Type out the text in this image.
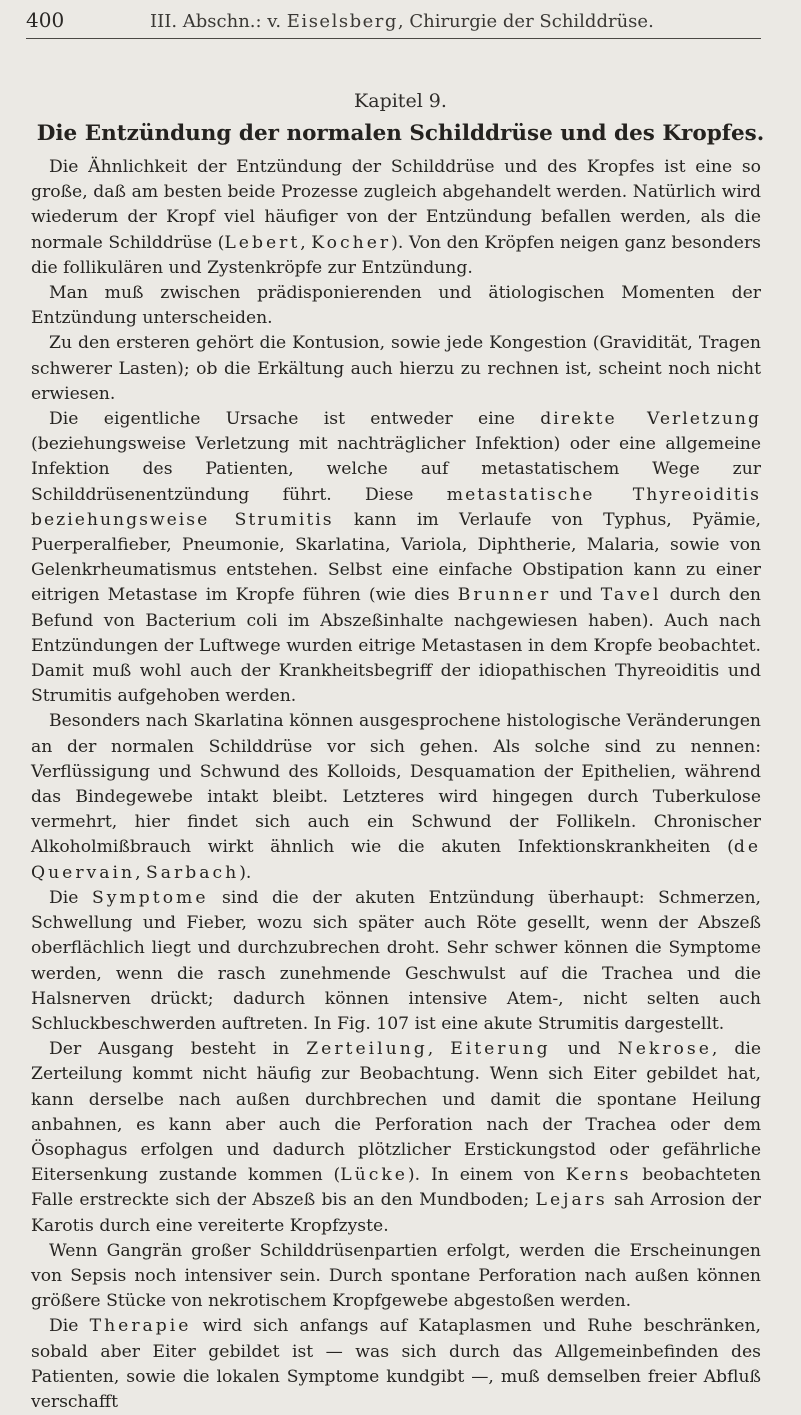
400	III. Abschn.: v. Eiselsberg, Chirurgie der Schilddrüse.
Kapitel 9.
Die Entzündung der normalen Schilddrüse und des Kropfes.

Die Ähnlichkeit der Entzündung der Schilddrüse und des Kropfes ist eine so große, daß am besten beide Prozesse zugleich abgehandelt werden. Natürlich wird wiederum der Kropf viel häufiger von der Entzündung befallen werden, als die normale Schilddrüse (Lebert, Kocher). Von den Kröpfen neigen ganz besonders die follikulären und Zystenkröpfe zur Entzündung.

Man muß zwischen prädisponierenden und ätiologischen Momenten der Entzündung unterscheiden.

Zu den ersteren gehört die Kontusion, sowie jede Kongestion (Gravidität, Tragen schwerer Lasten); ob die Erkältung auch hierzu zu rechnen ist, scheint noch nicht erwiesen.

Die eigentliche Ursache ist entweder eine direkte Verletzung (beziehungsweise Verletzung mit nachträglicher Infektion) oder eine allgemeine Infektion des Patienten, welche auf metastatischem Wege zur Schilddrüsenentzündung führt. Diese metastatische Thyreoiditis beziehungsweise Strumitis kann im Verlaufe von Typhus, Pyämie, Puerperalfieber, Pneumonie, Skarlatina, Variola, Diphtherie, Malaria, sowie von Gelenkrheumatismus entstehen. Selbst eine einfache Obstipation kann zu einer eitrigen Metastase im Kropfe führen (wie dies Brunner und Tavel durch den Befund von Bacterium coli im Abszeßinhalte nachgewiesen haben). Auch nach Entzündungen der Luftwege wurden eitrige Metastasen in dem Kropfe beobachtet. Damit muß wohl auch der Krankheitsbegriff der idiopathischen Thyreoiditis und Strumitis aufgehoben werden.

Besonders nach Skarlatina können ausgesprochene histologische Veränderungen an der normalen Schilddrüse vor sich gehen. Als solche sind zu nennen: Verflüssigung und Schwund des Kolloids, Desquamation der Epithelien, während das Bindegewebe intakt bleibt. Letzteres wird hingegen durch Tuberkulose vermehrt, hier findet sich auch ein Schwund der Follikeln. Chronischer Alkoholmißbrauch wirkt ähnlich wie die akuten Infektionskrankheiten (de Quervain, Sarbach).

Die Symptome sind die der akuten Entzündung überhaupt: Schmerzen, Schwellung und Fieber, wozu sich später auch Röte gesellt, wenn der Abszeß oberflächlich liegt und durchzubrechen droht. Sehr schwer können die Symptome werden, wenn die rasch zunehmende Geschwulst auf die Trachea und die Halsnerven drückt; dadurch können intensive Atem-, nicht selten auch Schluckbeschwerden auftreten. In Fig. 107 ist eine akute Strumitis dargestellt.

Der Ausgang besteht in Zerteilung, Eiterung und Nekrose, die Zerteilung kommt nicht häufig zur Beobachtung. Wenn sich Eiter gebildet hat, kann derselbe nach außen durchbrechen und damit die spontane Heilung anbahnen, es kann aber auch die Perforation nach der Trachea oder dem Ösophagus erfolgen und dadurch plötzlicher Erstickungstod oder gefährliche Eitersenkung zustande kommen (Lücke). In einem von Kerns beobachteten Falle erstreckte sich der Abszeß bis an den Mundboden; Lejars sah Arrosion der Karotis durch eine vereiterte Kropfzyste.

Wenn Gangrän großer Schilddrüsenpartien erfolgt, werden die Erscheinungen von Sepsis noch intensiver sein. Durch spontane Perforation nach außen können größere Stücke von nekrotischem Kropfgewebe abgestoßen werden.

Die Therapie wird sich anfangs auf Kataplasmen und Ruhe beschränken, sobald aber Eiter gebildet ist — was sich durch das Allgemeinbefinden des Patienten, sowie die lokalen Symptome kundgibt —, muß demselben freier Abfluß verschafft
